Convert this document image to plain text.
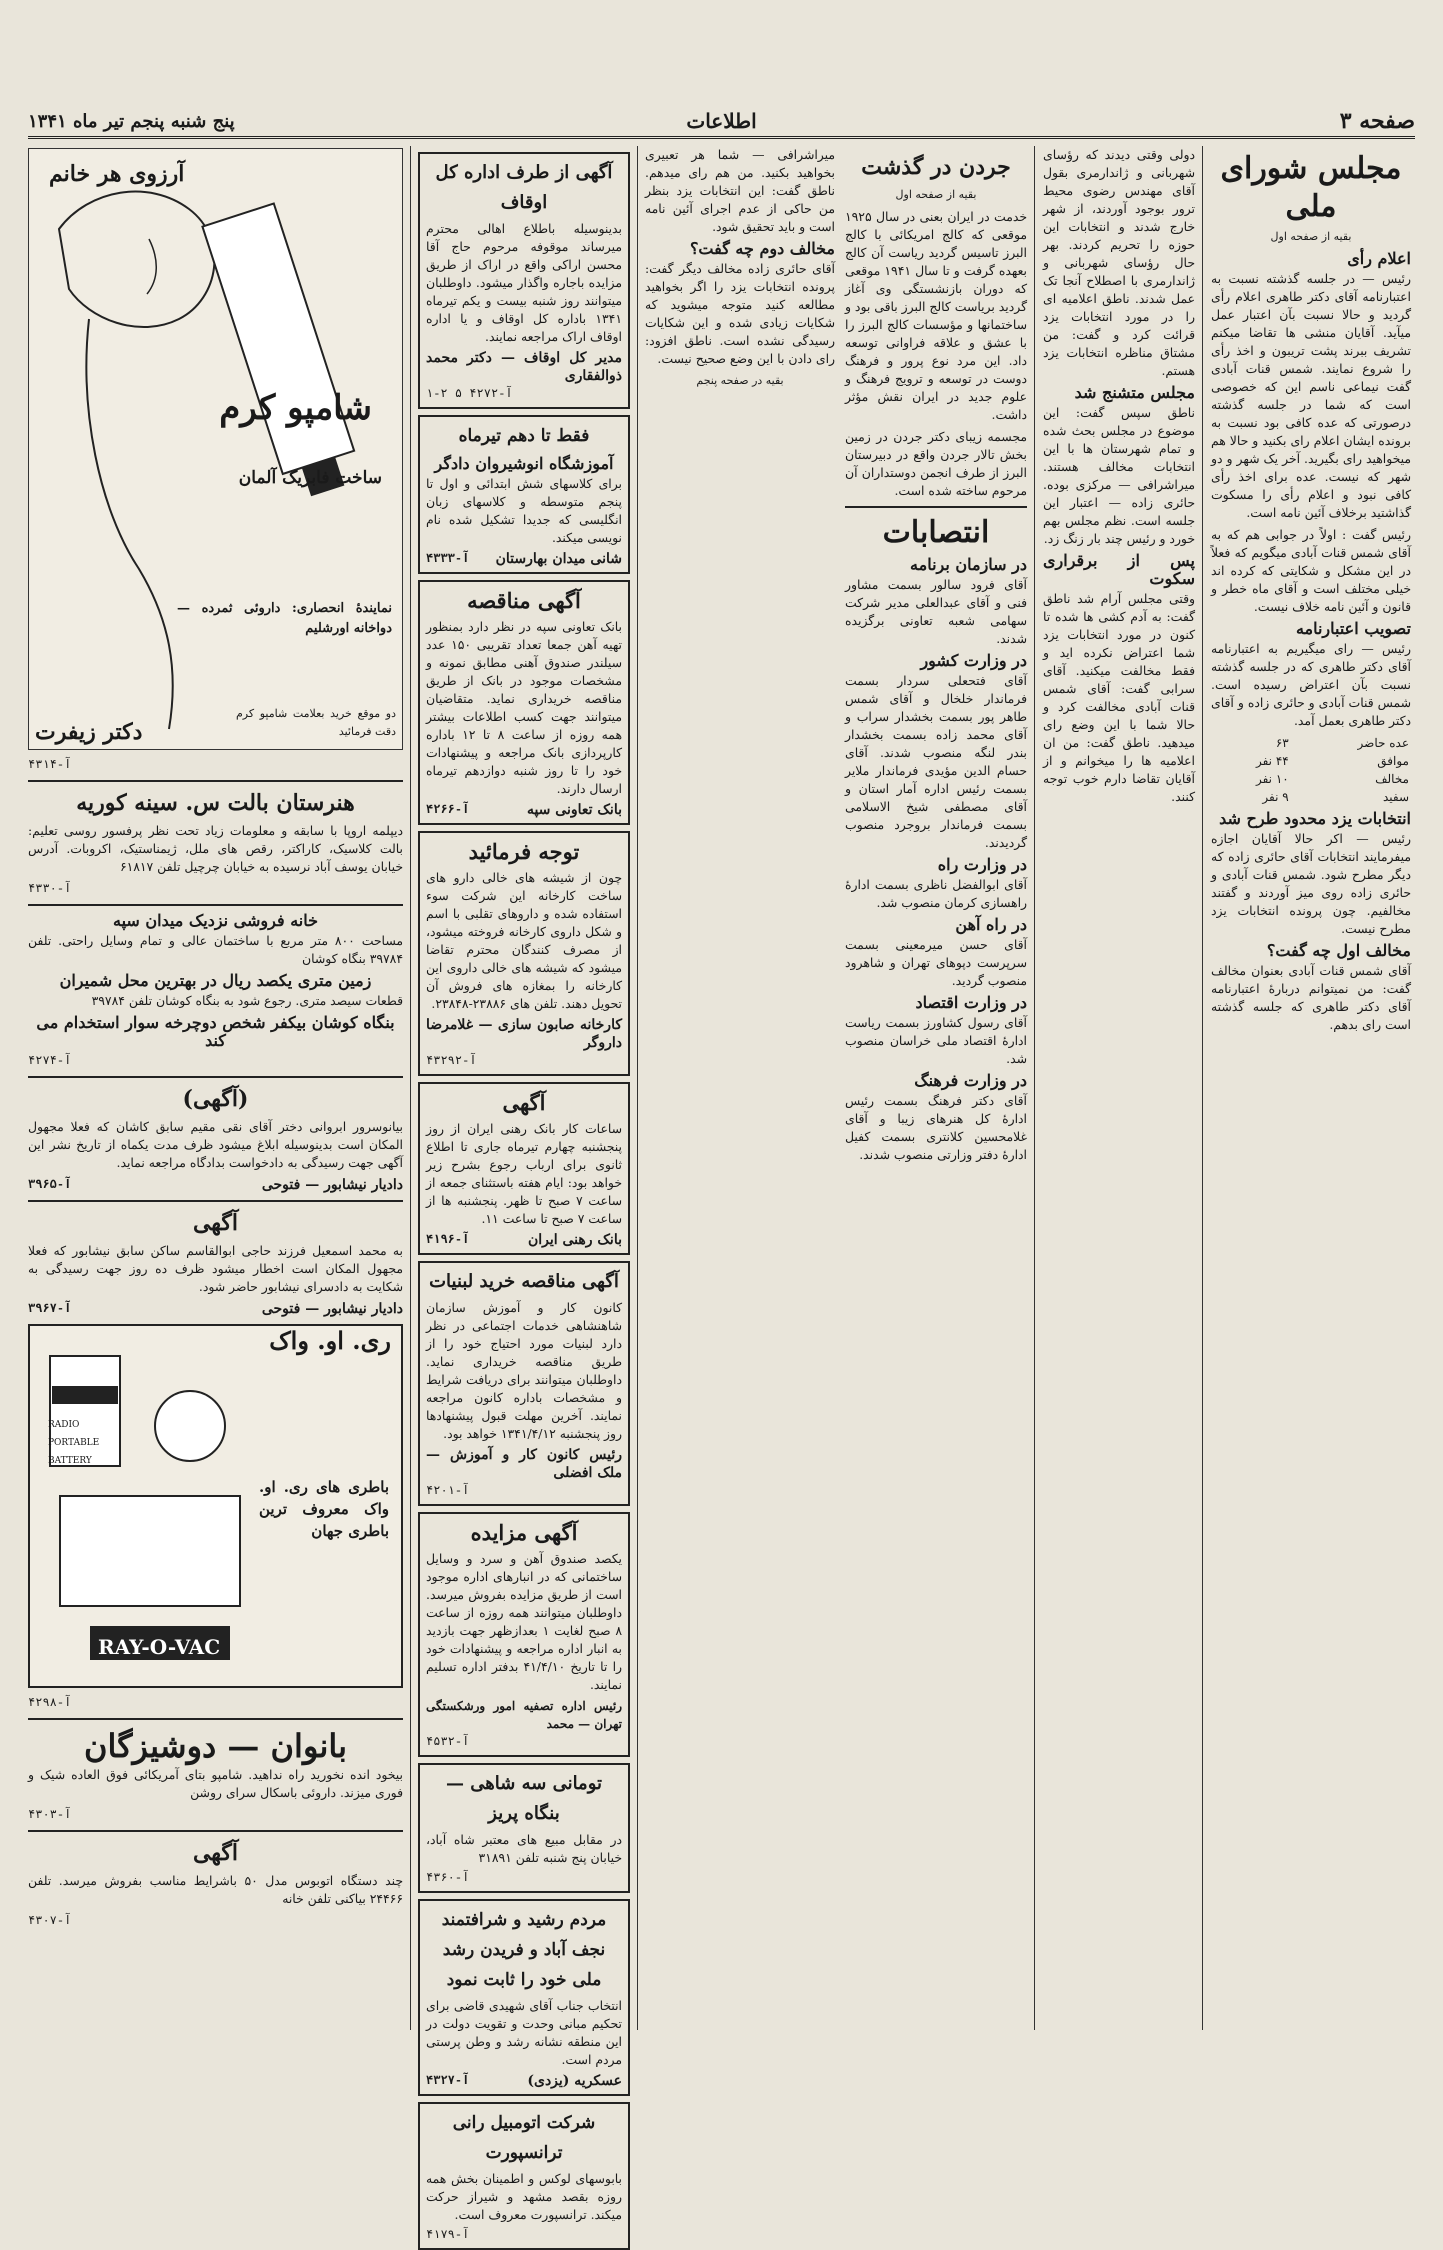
صفحه ۳
اطلاعات
پنج شنبه پنجم تیر ماه ۱۳۴۱
مجلس شورای ملی
بقیه از صفحه اول
اعلام رأی

رئیس — در جلسه گذشته نسبت به اعتبارنامه آقای دکتر طاهری اعلام رأی گردید و حالا نسبت بآن اعتبار عمل میآید. آقایان منشی ها تقاضا میکنم تشریف ببرند پشت تریبون و اخذ رأی را شروع نمایند. شمس قنات آبادی گفت نیماعی ناسم این که خصوصی است که شما در جلسه گذشته درصورتی که عده کافی بود نسبت به برونده ایشان اعلام رای بکنید و حالا هم میخواهید رای بگیرید. آخر یک شهر و دو شهر که نیست. عده برای اخذ رأی کافی نبود و اعلام رأی را مسکوت گذاشتید برخلاف آئین نامه است.

رئیس گفت : اولاً در جوابی هم که به آقای شمس قنات آبادی میگویم که فعلاً در این مشکل و شکایتی که کرده اند خیلی مختلف است و آقای ماه خطر و قانون و آئین نامه خلاف نیست.

تصویب اعتبارنامه

رئیس — رای میگیریم به اعتبارنامه آقای دکتر طاهری که در جلسه گذشته نسبت بآن اعتراض رسیده است. شمس قنات آبادی و حائری زاده و آقای دکتر طاهری بعمل آمد.

عده حاضر	۶۳
موافق	۴۴ نفر
مخالف	۱۰ نفر
سفید	۹ نفر
انتخابات یزد محدود طرح شد

رئیس — اکر حالا آقایان اجازه میفرمایند انتخابات آقای حائری زاده که دیگر مطرح شود. شمس قنات آبادی و حائری زاده روی میز آوردند و گفتند مخالفیم. چون پرونده انتخابات یزد مطرح نیست.

مخالف اول چه گفت؟

آقای شمس قنات آبادی بعنوان مخالف گفت: من نمیتوانم دربارهٔ اعتبارنامه آقای دکتر طاهری که جلسه گذشته است رای بدهم.

دولی وقتی دیدند که رؤسای شهربانی و ژاندارمری بقول آقای مهندس رضوی محیط ترور بوجود آوردند، از شهر خارج شدند و انتخابات این حوزه را تحریم کردند. بهر حال رؤسای شهربانی و ژاندارمری با اصطلاح آنجا تک عمل شدند. ناطق اعلامیه ای را در مورد انتخابات یزد قرائت کرد و گفت: من مشتاق مناظره انتخابات یزد هستم.

مجلس متشنج شد

ناطق سپس گفت: این موضوع در مجلس بحث شده و تمام شهرستان ها با این انتخابات مخالف هستند. میراشرافی — مرکزی بوده. حائری زاده — اعتبار این جلسه است. نظم مجلس بهم خورد و رئیس چند بار زنگ زد.

پس از برقراری سکوت

وقتی مجلس آرام شد ناطق گفت: به آدم کشی ها شده تا کنون در مورد انتخابات یزد شما اعتراض نکرده اید و فقط مخالفت میکنید. آقای سرابی گفت: آقای شمس قنات آبادی مخالفت کرد و حالا شما با این وضع رای میدهید. ناطق گفت: من ان اعلامیه ها را میخوانم و از آقایان تقاضا دارم خوب توجه کنند.

جردن در گذشت
بقیه از صفحه اول

خدمت در ایران بعنی در سال ۱۹۲۵ موقعی که کالج امریکائی با کالج البرز تاسیس گردید ریاست آن کالج بعهده گرفت و تا سال ۱۹۴۱ موقعی که دوران بازنشستگی وی آغاز گردید بریاست کالج البرز باقی بود و ساختمانها و مؤسسات کالج البرز را با عشق و علاقه فراوانی توسعه داد. این مرد نوع پرور و فرهنگ دوست در توسعه و ترویج فرهنگ و علوم جدید در ایران نقش مؤثر داشت.

مجسمه زیبای دکتر جردن در زمین بخش تالار جردن واقع در دبیرستان البرز از طرف انجمن دوستداران آن مرحوم ساخته شده است.

انتصابات
در سازمان برنامه

آقای فرود سالور بسمت مشاور فنی و آقای عبدالعلی مدیر شرکت سهامی شعبه تعاونی برگزیده شدند.

در وزارت کشور

آقای فتحعلی سردار بسمت فرماندار خلخال و آقای شمس طاهر پور بسمت بخشدار سراب و آقای محمد زاده بسمت بخشدار بندر لنگه منصوب شدند. آقای حسام الدین مؤیدی فرماندار ملایر بسمت رئیس اداره آمار استان و آقای مصطفی شیخ الاسلامی بسمت فرماندار بروجرد منصوب گردیدند.

در وزارت راه

آقای ابوالفضل ناظری بسمت ادارهٔ راهسازی کرمان منصوب شد.

در راه آهن

آقای حسن میرمعینی بسمت سرپرست دپوهای تهران و شاهرود منصوب گردید.

در وزارت اقتصاد

آقای رسول کشاورز بسمت ریاست ادارهٔ اقتصاد ملی خراسان منصوب شد.

در وزارت فرهنگ

آقای دکتر فرهنگ بسمت رئیس ادارهٔ کل هنرهای زیبا و آقای غلامحسین کلانتری بسمت کفیل ادارهٔ دفتر وزارتی منصوب شدند.

میراشرافی — شما هر تعبیری بخواهید بکنید. من هم رای میدهم. ناطق گفت: این انتخابات یزد بنظر من حاکی از عدم اجرای آئین نامه است و باید تحقیق شود.

مخالف دوم چه گفت؟

آقای حائری زاده مخالف دیگر گفت: پرونده انتخابات یزد را اگر بخواهید مطالعه کنید متوجه میشوید که شکایات زیادی شده و این شکایات رسیدگی نشده است. ناطق افزود: رای دادن با این وضع صحیح نیست.

بقیه در صفحه پنجم
آگهی از طرف اداره کل اوقاف

بدینوسیله باطلاع اهالی محترم میرساند موقوفه مرحوم حاج آقا محسن اراکی واقع در اراک از طریق مزایده باجاره واگذار میشود. داوطلبان میتوانند روز شنبه بیست و یکم تیرماه ۱۳۴۱ باداره کل اوقاف و یا اداره اوقاف اراک مراجعه نمایند.

مدیر کل اوقاف — دکتر محمد ذوالفقاری
۱-۲ آ-۴۲۷۲ ۵
فقط تا دهم تیرماه
آموزشگاه انوشیروان دادگر

برای کلاسهای شش ابتدائی و اول تا پنجم متوسطه و کلاسهای زبان انگلیسی که جدیدا تشکیل شده نام نویسی میکند.

شانی میدان بهارستان
آ-۴۳۳۳
آگهی مناقصه

بانک تعاونی سپه در نظر دارد بمنظور تهیه آهن جمعا تعداد تقریبی ۱۵۰ عدد سیلندر صندوق آهنی مطابق نمونه و مشخصات موجود در بانک از طریق مناقصه خریداری نماید. متقاضیان میتوانند جهت کسب اطلاعات بیشتر همه روزه از ساعت ۸ تا ۱۲ باداره کارپردازی بانک مراجعه و پیشنهادات خود را تا روز شنبه دوازدهم تیرماه ارسال دارند.

بانک تعاونی سپه
آ-۴۲۶۶
توجه فرمائید

چون از شیشه های خالی دارو های ساخت کارخانه این شرکت سوء استفاده شده و داروهای تقلبی با اسم و شکل داروی کارخانه فروخته میشود، از مصرف کنندگان محترم تقاضا میشود که شیشه های خالی داروی این کارخانه را بمغازه های فروش آن تحویل دهند. تلفن های ۲۳۸۸۶-۲۳۸۴۸.

کارخانه صابون سازی — غلامرضا داروگر
آ-۴۳۲۹۲
آگهی

ساعات کار بانک رهنی ایران از روز پنجشنبه چهارم تیرماه جاری تا اطلاع ثانوی برای ارباب رجوع بشرح زیر خواهد بود: ایام هفته باستثنای جمعه از ساعت ۷ صبح تا ظهر. پنجشنبه ها از ساعت ۷ صبح تا ساعت ۱۱.

بانک رهنی ایران
آ-۴۱۹۶
آگهی مناقصه خرید لبنیات

کانون کار و آموزش سازمان شاهنشاهی خدمات اجتماعی در نظر دارد لبنیات مورد احتیاج خود را از طریق مناقصه خریداری نماید. داوطلبان میتوانند برای دریافت شرایط و مشخصات باداره کانون مراجعه نمایند. آخرین مهلت قبول پیشنهادها روز پنجشنبه ۱۳۴۱/۴/۱۲ خواهد بود.

رئیس کانون کار و آموزش — ملک افضلی
آ-۴۲۰۱
آگهی مزایده

یکصد صندوق آهن و سرد و وسایل ساختمانی که در انبارهای اداره موجود است از طریق مزایده بفروش میرسد. داوطلبان میتوانند همه روزه از ساعت ۸ صبح لغایت ۱ بعدازظهر جهت بازدید به انبار اداره مراجعه و پیشنهادات خود را تا تاریخ ۴۱/۴/۱۰ بدفتر اداره تسلیم نمایند.

رئیس اداره تصفیه امور ورشکستگی تهران — محمد
آ-۴۵۳۲
تومانی سه شاهی — بنگاه پریز

در مقابل مبیع های معتبر شاه آباد، خیابان پنج شنبه تلفن ۳۱۸۹۱

آ-۴۳۶۰
مردم رشید و شرافتمند نجف آباد و فریدن رشد ملی خود را ثابت نمود

انتخاب جناب آقای شهیدی قاضی برای تحکیم مبانی وحدت و تقویت دولت در این منطقه نشانه رشد و وطن پرستی مردم است.

عسکریه (یزدی)
آ-۴۳۲۷
شرکت اتومبیل رانی ترانسپورت

بابوسهای لوکس و اطمینان بخش همه روزه بقصد مشهد و شیراز حرکت میکند. ترانسپورت معروف است.

آ-۴۱۷۹
آرزوی هر خانم
شامپو کرم
ساخت فابریک آلمان
نمایندهٔ انحصاری: داروئی ثمرده — دواخانه اورشلیم
دو موقع خرید بعلامت شامپو کرم دقت فرمائید
دکتر زیفرت
آ-۴۳۱۴
هنرستان بالت س. سینه کوریه

دیپلمه اروپا با سابقه و معلومات زیاد تحت نظر پرفسور روسی تعلیم: بالت کلاسیک، کاراکتر، رقص های ملل، ژیمناستیک، اکروبات. آدرس خیابان یوسف آباد نرسیده به خیابان چرچیل تلفن ۶۱۸۱۷

آ-۴۳۳۰
خانه فروشی نزدیک میدان سپه

مساحت ۸۰۰ متر مربع با ساختمان عالی و تمام وسایل راحتی. تلفن ۳۹۷۸۴ بنگاه کوشان

زمین متری یکصد ریال در بهترین محل شمیران

قطعات سیصد متری. رجوع شود به بنگاه کوشان تلفن ۳۹۷۸۴

بنگاه کوشان بیکفر شخص دوچرخه سوار استخدام می کند
آ-۴۲۷۴
(آگهی)

بیانوسرور ابروانی دختر آقای نقی مقیم سابق کاشان که فعلا مجهول المکان است بدینوسیله ابلاغ میشود ظرف مدت یکماه از تاریخ نشر این آگهی جهت رسیدگی به دادخواست بدادگاه مراجعه نماید.

دادیار نیشابور — فتوحی
آ-۳۹۶۵
آگهی

به محمد اسمعیل فرزند حاجی ابوالقاسم ساکن سابق نیشابور که فعلا مجهول المکان است اخطار میشود ظرف ده روز جهت رسیدگی به شکایت به دادسرای نیشابور حاضر شود.

دادیار نیشابور — فتوحی
آ-۳۹۶۷
ری. او. واک
RADIO PORTABLE BATTERY
RAY-O-VAC
باطری های ری. او. واک معروف ترین باطری جهان
آ-۴۲۹۸
بانوان — دوشیزگان

بیخود انده نخورید راه نداهید. شامپو بتای آمریکائی فوق العاده شیک و فوری میزند. داروئی باسکال سرای روشن

آ-۴۳۰۳
آگهی

چند دستگاه اتوبوس مدل ۵۰ باشرایط مناسب بفروش میرسد. تلفن ۲۴۴۶۶ بیاکنی تلفن خانه

آ-۴۳۰۷
